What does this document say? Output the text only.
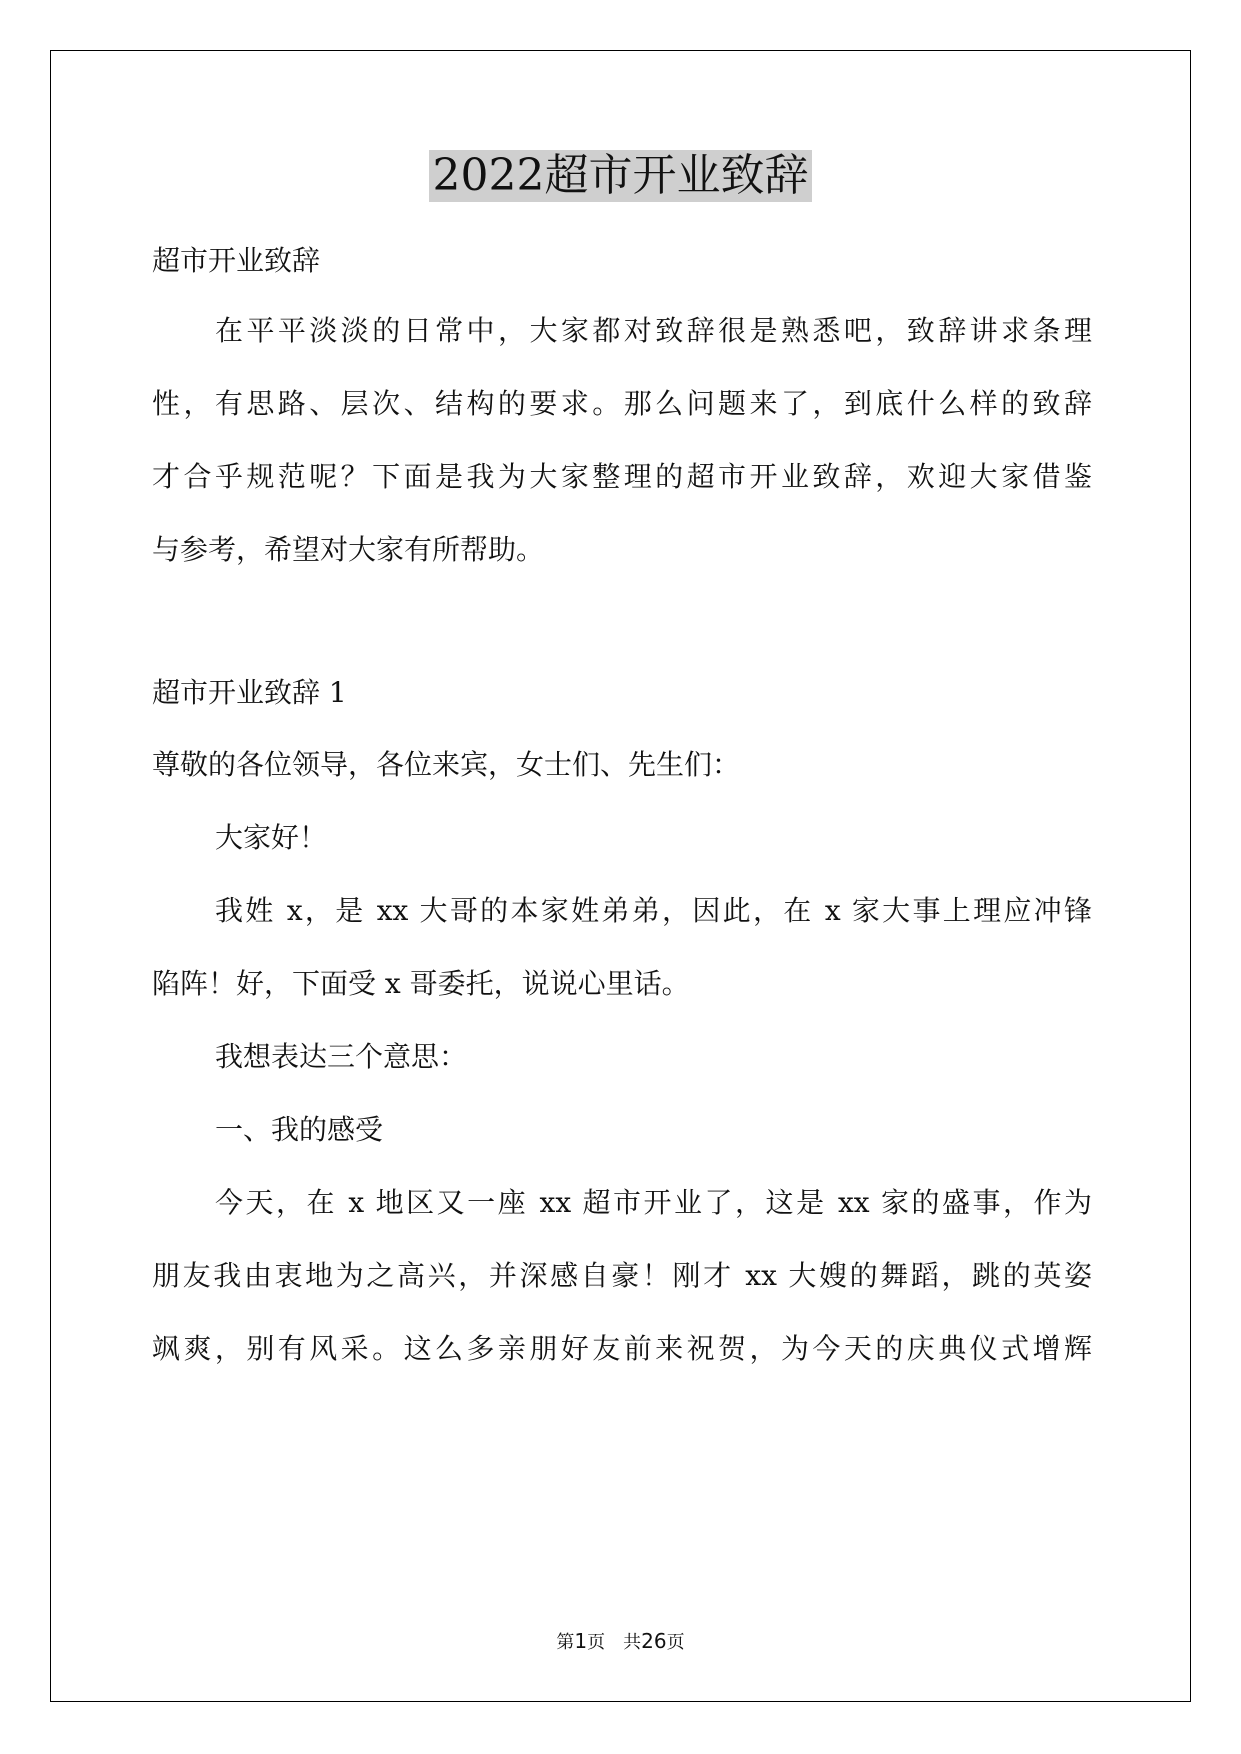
2022超市开业致辞
超市开业致辞
在平平淡淡的日常中，大家都对致辞很是熟悉吧，致辞讲求条理
性，有思路、层次、结构的要求。那么问题来了，到底什么样的致辞
才合乎规范呢？下面是我为大家整理的超市开业致辞，欢迎大家借鉴
与参考，希望对大家有所帮助。
超市开业致辞 1
尊敬的各位领导，各位来宾，女士们、先生们：
大家好！
我姓 x，是 xx 大哥的本家姓弟弟，因此，在 x 家大事上理应冲锋
陷阵！好，下面受 x 哥委托，说说心里话。
我想表达三个意思：
一、我的感受
今天，在 x 地区又一座 xx 超市开业了，这是 xx 家的盛事，作为
朋友我由衷地为之高兴，并深感自豪！刚才 xx 大嫂的舞蹈，跳的英姿
飒爽，别有风采。这么多亲朋好友前来祝贺，为今天的庆典仪式增辉
第1页 共26页
